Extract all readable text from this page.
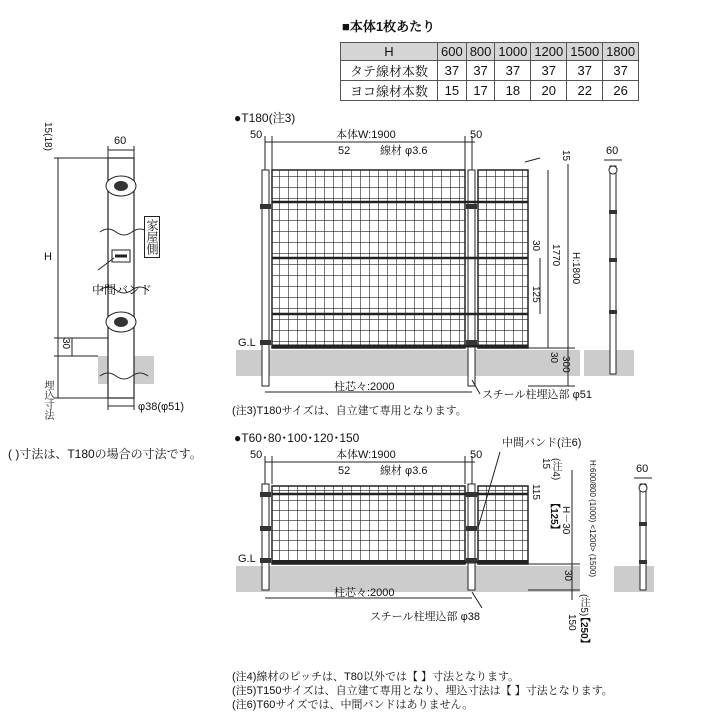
■本体1枚あたり
H	600	800	1000	1200	1500	1800
タテ線材本数	37	37	37	37	37	37
ヨコ線材本数	15	17	18	20	22	26
60
15(18)
H
家屋側
中間バンド
30
埋込寸法	φ38(φ51)
( )寸法は、T180の場合の寸法です。
●T180(注3)
50	本体W:1900	50
52	線材 φ3.6	15
30 1770 H:1800
125
G.L
30 300
柱芯々:2000
スチール柱埋込部 φ51
60
(注3)T180サイズは、自立建て専用となります。
●T60･80･100･120･150
50	本体W:1900	50
52	線材 φ3.6
中間バンド(注6)
15 (注4)
115
【125】 H－30 H:600/800 (1000) <1200> (1500)
G.L
30
柱芯々:2000
スチール柱埋込部 φ38	150 【250】
(注5)
60
(注4)線材のピッチは、T80以外では【 】寸法となります。
(注5)T150サイズは、自立建て専用となり、埋込寸法は【 】寸法となります。
(注6)T60サイズでは、中間バンドはありません。
